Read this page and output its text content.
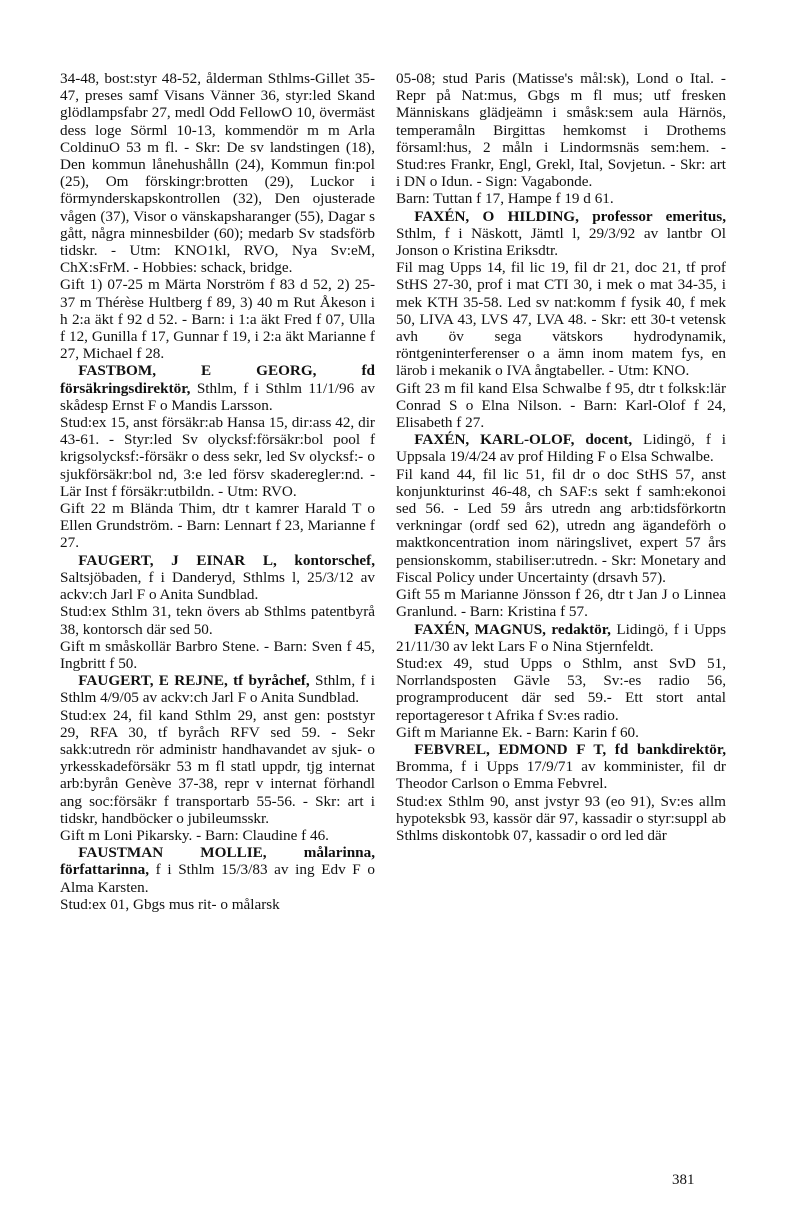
34-48, bost:styr 48-52, ålderman Sthlms-Gillet 35-47, preses samf Visans Vänner 36, styr:led Skand glödlampsfabr 27, medl Odd FellowO 10, övermäst dess loge Sörml 10-13, kommendör m m Arla ColdinuO 53 m fl. - Skr: De sv landstingen (18), Den kommun lånehushålln (24), Kommun fin:pol (25), Om förskingr:brotten (29), Luckor i förmynderskapskontrollen (32), Den ojusterade vågen (37), Visor o vänskapsharanger (55), Dagar s gått, några minnesbilder (60); medarb Sv stadsförb tidskr. - Utm: KNO1kl, RVO, Nya Sv:eM, ChX:sFrM. - Hobbies: schack, bridge.

Gift 1) 07-25 m Märta Norström f 83 d 52, 2) 25-37 m Thérèse Hultberg f 89, 3) 40 m Rut Åkeson i h 2:a äkt f 92 d 52. - Barn: i 1:a äkt Fred f 07, Ulla f 12, Gunilla f 17, Gunnar f 19, i 2:a äkt Marianne f 27, Michael f 28.

FASTBOM, E GEORG, fd försäkringsdirektör, Sthlm, f i Sthlm 11/1/96 av skådesp Ernst F o Mandis Larsson.

Stud:ex 15, anst försäkr:ab Hansa 15, dir:ass 42, dir 43-61. - Styr:led Sv olycksf:försäkr:bol pool f krigsolycksf:-försäkr o dess sekr, led Sv olycksf:- o sjukförsäkr:bol nd, 3:e led försv skaderegler:nd. - Lär Inst f försäkr:utbildn. - Utm: RVO.

Gift 22 m Blända Thim, dtr t kamrer Harald T o Ellen Grundström. - Barn: Lennart f 23, Marianne f 27.

FAUGERT, J EINAR L, kontorschef, Saltsjöbaden, f i Danderyd, Sthlms l, 25/3/12 av ackv:ch Jarl F o Anita Sundblad.

Stud:ex Sthlm 31, tekn övers ab Sthlms patentbyrå 38, kontorsch där sed 50.

Gift m småskollär Barbro Stene. - Barn: Sven f 45, Ingbritt f 50.

FAUGERT, E REJNE, tf byråchef, Sthlm, f i Sthlm 4/9/05 av ackv:ch Jarl F o Anita Sundblad.

Stud:ex 24, fil kand Sthlm 29, anst gen: poststyr 29, RFA 30, tf byråch RFV sed 59. - Sekr sakk:utredn rör administr handhavandet av sjuk- o yrkesskadeförsäkr 53 m fl statl uppdr, tjg internat arb:byrån Genève 37-38, repr v internat förhandl ang soc:försäkr f transportarb 55-56. - Skr: art i tidskr, handböcker o jubileumsskr.

Gift m Loni Pikarsky. - Barn: Claudine f 46.

FAUSTMAN MOLLIE, målarinna, författarinna, f i Sthlm 15/3/83 av ing Edv F o Alma Karsten.

Stud:ex 01, Gbgs mus rit- o målarsk

05-08; stud Paris (Matisse's mål:sk), Lond o Ital. - Repr på Nat:mus, Gbgs m fl mus; utf fresken Människans glädjeämn i småsk:sem aula Härnös, temperamåln Birgittas hemkomst i Drothems församl:hus, 2 måln i Lindormsnäs sem:hem. - Stud:res Frankr, Engl, Grekl, Ital, Sovjetun. - Skr: art i DN o Idun. - Sign: Vagabonde.

Barn: Tuttan f 17, Hampe f 19 d 61.

FAXÉN, O HILDING, professor emeritus, Sthlm, f i Näskott, Jämtl l, 29/3/92 av lantbr Ol Jonson o Kristina Eriksdtr.

Fil mag Upps 14, fil lic 19, fil dr 21, doc 21, tf prof StHS 27-30, prof i mat CTI 30, i mek o mat 34-35, i mek KTH 35-58. Led sv nat:komm f fysik 40, f mek 50, LIVA 43, LVS 47, LVA 48. - Skr: ett 30-t vetensk avh öv sega vätskors hydrodynamik, röntgeninterferenser o a ämn inom matem fys, en lärob i mekanik o IVA ångtabeller. - Utm: KNO.

Gift 23 m fil kand Elsa Schwalbe f 95, dtr t folksk:lär Conrad S o Elna Nilson. - Barn: Karl-Olof f 24, Elisabeth f 27.

FAXÉN, KARL-OLOF, docent, Lidingö, f i Uppsala 19/4/24 av prof Hilding F o Elsa Schwalbe.

Fil kand 44, fil lic 51, fil dr o doc StHS 57, anst konjunkturinst 46-48, ch SAF:s sekt f samh:ekonoi sed 56. - Led 59 års utredn ang arb:tidsförkortn verkningar (ordf sed 62), utredn ang ägandeförh o maktkoncentration inom näringslivet, expert 57 års pensionskomm, stabiliser:utredn. - Skr: Monetary and Fiscal Policy under Uncertainty (drsavh 57).

Gift 55 m Marianne Jönsson f 26, dtr t Jan J o Linnea Granlund. - Barn: Kristina f 57.

FAXÉN, MAGNUS, redaktör, Lidingö, f i Upps 21/11/30 av lekt Lars F o Nina Stjernfeldt.

Stud:ex 49, stud Upps o Sthlm, anst SvD 51, Norrlandsposten Gävle 53, Sv:-es radio 56, programproducent där sed 59.- Ett stort antal reportageresor t Afrika f Sv:es radio.

Gift m Marianne Ek. - Barn: Karin f 60.

FEBVREL, EDMOND F T, fd bankdirektör, Bromma, f i Upps 17/9/71 av komminister, fil dr Theodor Carlson o Emma Febvrel.

Stud:ex Sthlm 90, anst jvstyr 93 (eo 91), Sv:es allm hypoteksbk 93, kassör där 97, kassadir o styr:suppl ab Sthlms diskontobk 07, kassadir o ord led där

381
